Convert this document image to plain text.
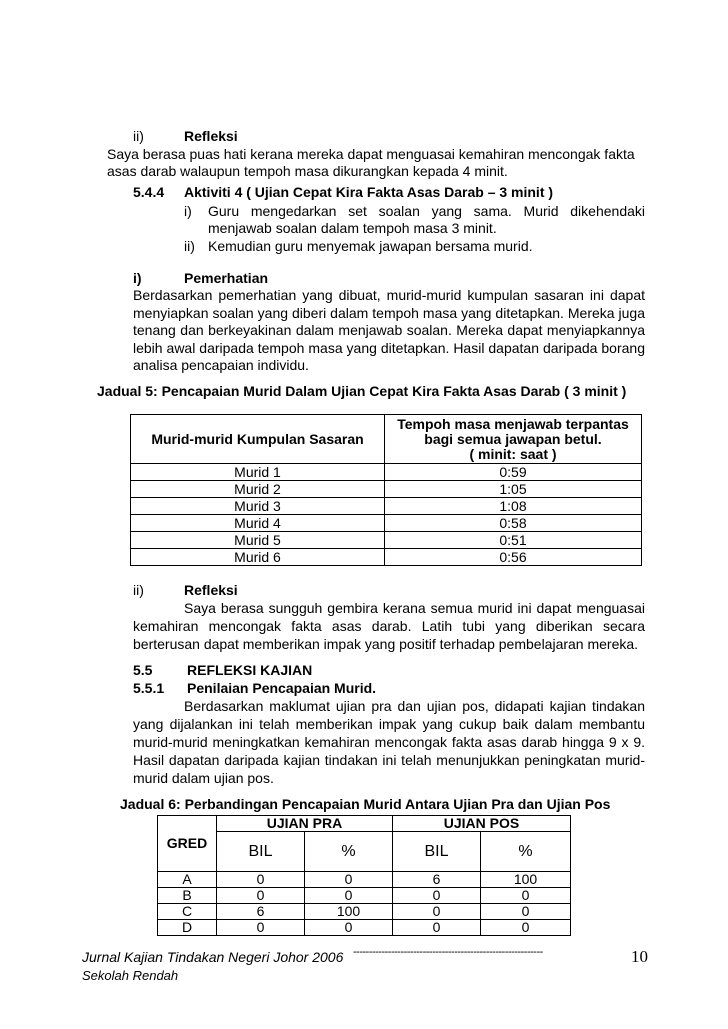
ii)	Refleksi
Saya berasa puas hati kerana mereka dapat menguasai kemahiran mencongak fakta asas darab walaupun tempoh masa dikurangkan kepada 4 minit.
5.4.4 Aktiviti 4 ( Ujian Cepat Kira Fakta Asas Darab – 3 minit )
i) Guru mengedarkan set soalan yang sama. Murid dikehendaki menjawab soalan dalam tempoh masa 3 minit.
ii) Kemudian guru menyemak jawapan bersama murid.
i)	Pemerhatian
Berdasarkan pemerhatian yang dibuat, murid-murid kumpulan sasaran ini dapat menyiapkan soalan yang diberi dalam tempoh masa yang ditetapkan. Mereka juga tenang dan berkeyakinan dalam menjawab soalan. Mereka dapat menyiapkannya lebih awal daripada tempoh masa yang ditetapkan. Hasil dapatan daripada borang analisa pencapaian individu.
Jadual 5: Pencapaian Murid Dalam Ujian Cepat Kira Fakta Asas Darab ( 3 minit )
Murid-murid Kumpulan Sasaran	Tempoh masa menjawab terpantas
bagi semua jawapan betul.
( minit: saat )

Murid 1	0:59
Murid 2	1:05
Murid 3	1:08
Murid 4	0:58
Murid 5	0:51
Murid 6	0:56
ii)	Refleksi
Saya berasa sungguh gembira kerana semua murid ini dapat menguasai kemahiran mencongak fakta asas darab. Latih tubi yang diberikan secara berterusan dapat memberikan impak yang positif terhadap pembelajaran mereka.
5.5 REFLEKSI KAJIAN
5.5.1 Penilaian Pencapaian Murid.
Berdasarkan maklumat ujian pra dan ujian pos, didapati kajian tindakan yang dijalankan ini telah memberikan impak yang cukup baik dalam membantu murid-murid meningkatkan kemahiran mencongak fakta asas darab hingga 9 x 9. Hasil dapatan daripada kajian tindakan ini telah menunjukkan peningkatan murid-murid dalam ujian pos.
Jadual 6: Perbandingan Pencapaian Murid Antara Ujian Pra dan Ujian Pos
GRED	UJIAN PRA		UJIAN POS	
	BIL	%	BIL	%
A	0	0	6	100
B	0	0	0	0
C	6	100	0	0
D	0	0	0	0
Jurnal Kajian Tindakan Negeri Johor 2006 ------------------------------------------------------------	10
Sekolah Rendah
